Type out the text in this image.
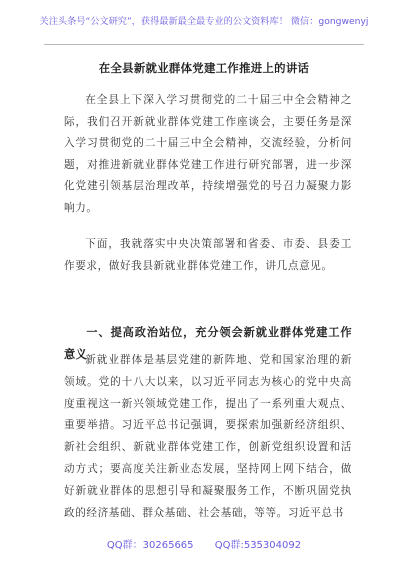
关注头条号“公文研究”，获得最新最全最专业的公文资料库！ 微信：gongwenyj
在全县新就业群体党建工作推进上的讲话
在全县上下深入学习贯彻党的二十届三中全会精神之际，我们召开新就业群体党建工作座谈会，主要任务是深入学习贯彻党的二十届三中全会精神，交流经验，分析问题，对推进新就业群体党建工作进行研究部署，进一步深化党建引领基层治理改革，持续增强党的号召力凝聚力影响力。
下面，我就落实中央决策部署和省委、市委、县委工作要求，做好我县新就业群体党建工作，讲几点意见。
一、提高政治站位，充分领会新就业群体党建工作意义
新就业群体是基层党建的新阵地、党和国家治理的新领域。党的十八大以来，以习近平同志为核心的党中央高度重视这一新兴领域党建工作，提出了一系列重大观点、重要举措。习近平总书记强调，要探索加强新经济组织、新社会组织、新就业群体党建工作，创新党组织设置和活动方式；要高度关注新业态发展，坚持网上网下结合，做好新就业群体的思想引导和凝聚服务工作，不断巩固党执政的经济基础、群众基础、社会基础，等等。习近平总书
QQ群：30265665 QQ群:535304092
